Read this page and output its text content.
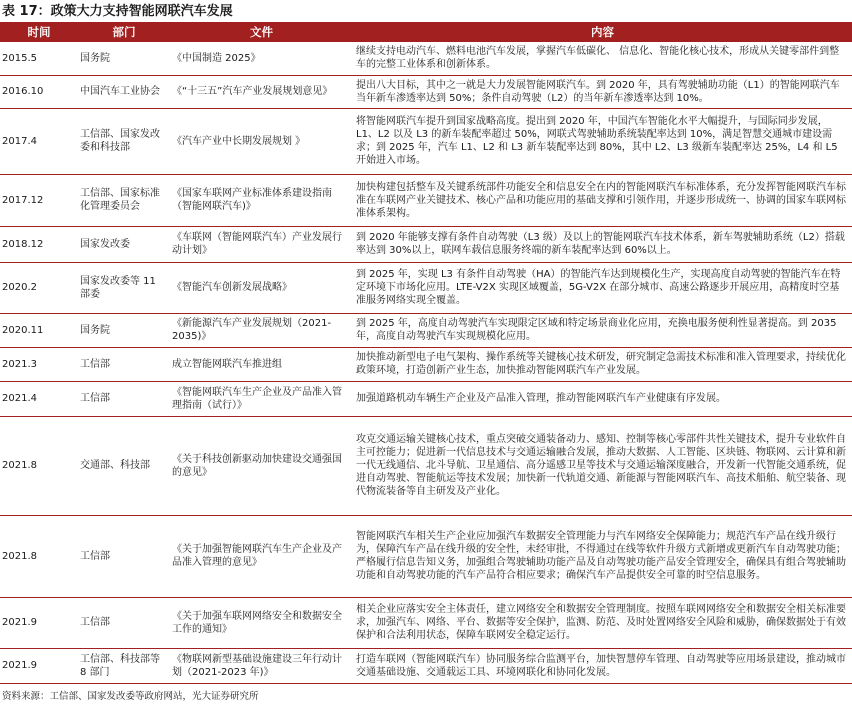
表 17：政策大力支持智能网联汽车发展
时间	部门	文件	内容
2015.5	国务院	《中国制造 2025》	继续支持电动汽车、燃料电池汽车发展，掌握汽车低碳化、 信息化、智能化核心技术，形成从关键零部件到整车的完整工业体系和创新体系。
2016.10	中国汽车工业协会	《“十三五”汽车产业发展规划意见》	提出八大目标，其中之一就是大力发展智能网联汽车。到 2020 年，具有驾驶辅助功能（L1）的智能网联汽车当年新车渗透率达到 50%；条件自动驾驶（L2）的当年新车渗透率达到 10%。
2017.4	工信部、国家发改委和科技部	《汽车产业中长期发展规划 》	将智能网联汽车提升到国家战略高度。提出到 2020 年，中国汽车智能化水平大幅提升，与国际同步发展，L1、L2 以及 L3 的新车装配率超过 50%，网联式驾驶辅助系统装配率达到 10%，满足智慧交通城市建设需求；到 2025 年，汽车 L1、L2 和 L3 新车装配率达到 80%，其中 L2、L3 级新车装配率达 25%，L4 和 L5 开始进入市场。
2017.12	工信部、国家标准化管理委员会	《国家车联网产业标准体系建设指南（智能网联汽车)》	加快构建包括整车及关键系统部件功能安全和信息安全在内的智能网联汽车标准体系，充分发挥智能网联汽车标准在车联网产业关键技术、核心产品和功能应用的基础支撑和引领作用，并逐步形成统一、协调的国家车联网标准体系架构。
2018.12	国家发改委	《车联网（智能网联汽车）产业发展行动计划》	到 2020 年能够支撑有条件自动驾驶（L3 级）及以上的智能网联汽车技术体系，新车驾驶辅助系统（L2）搭载率达到 30%以上，联网车载信息服务终端的新车装配率达到 60%以上。
2020.2	国家发改委等 11 部委	《智能汽车创新发展战略》	到 2025 年，实现 L3 有条件自动驾驶（HA）的智能汽车达到规模化生产，实现高度自动驾驶的智能汽车在特定环境下市场化应用。LTE-V2X 实现区域覆盖，5G-V2X 在部分城市、高速公路逐步开展应用，高精度时空基准服务网络实现全覆盖。
2020.11	国务院	《新能源汽车产业发展规划（2021-2035)》	到 2025 年，高度自动驾驶汽车实现限定区域和特定场景商业化应用，充换电服务便利性显著提高。到 2035 年，高度自动驾驶汽车实现规模化应用。
2021.3	工信部	成立智能网联汽车推进组	加快推动新型电子电气架构、操作系统等关键核心技术研发，研究制定急需技术标准和准入管理要求，持续优化政策环境，打造创新产业生态，加快推动智能网联汽车产业发展。
2021.4	工信部	《智能网联汽车生产企业及产品准入管理指南（试行）》	加强道路机动车辆生产企业及产品准入管理，推动智能网联汽车产业健康有序发展。
2021.8	交通部、科技部	《关于科技创新驱动加快建设交通强国的意见》	攻克交通运输关键核心技术，重点突破交通装备动力、感知、控制等核心零部件共性关键技术，提升专业软件自主可控能力；促进新一代信息技术与交通运输融合发展，推动大数据、人工智能、区块链、物联网、云计算和新一代无线通信、北斗导航、卫星通信、高分遥感卫星等技术与交通运输深度融合，开发新一代智能交通系统，促进自动驾驶、智能航运等技术发展；加快新一代轨道交通、新能源与智能网联汽车、高技术船舶、航空装备、现代物流装备等自主研发及产业化。
2021.8	工信部	《关于加强智能网联汽车生产企业及产品准入管理的意见》	智能网联汽车相关生产企业应加强汽车数据安全管理能力与汽车网络安全保障能力；规范汽车产品在线升级行为，保障汽车产品在线升级的安全性，未经审批，不得通过在线等软件升级方式新增或更新汽车自动驾驶功能；严格履行信息告知义务，加强组合驾驶辅助功能产品及自动驾驶功能产品安全管理安全，确保具有组合驾驶辅助功能和自动驾驶功能的汽车产品符合相应要求；确保汽车产品提供安全可靠的时空信息服务。
2021.9	工信部	《关于加强车联网网络安全和数据安全工作的通知》	相关企业应落实安全主体责任，建立网络安全和数据安全管理制度。按照车联网网络安全和数据安全相关标准要求，加强汽车、网络、平台、数据等安全保护，监测、防范、及时处置网络安全风险和威胁，确保数据处于有效保护和合法利用状态，保障车联网安全稳定运行。
2021.9	工信部、科技部等 8 部门	《物联网新型基础设施建设三年行动计划（2021-2023 年)》	打造车联网（智能网联汽车）协同服务综合监测平台，加快智慧停车管理、自动驾驶等应用场景建设，推动城市交通基础设施、交通载运工具、环境网联化和协同化发展。
资料来源：工信部、国家发改委等政府网站，光大证券研究所
